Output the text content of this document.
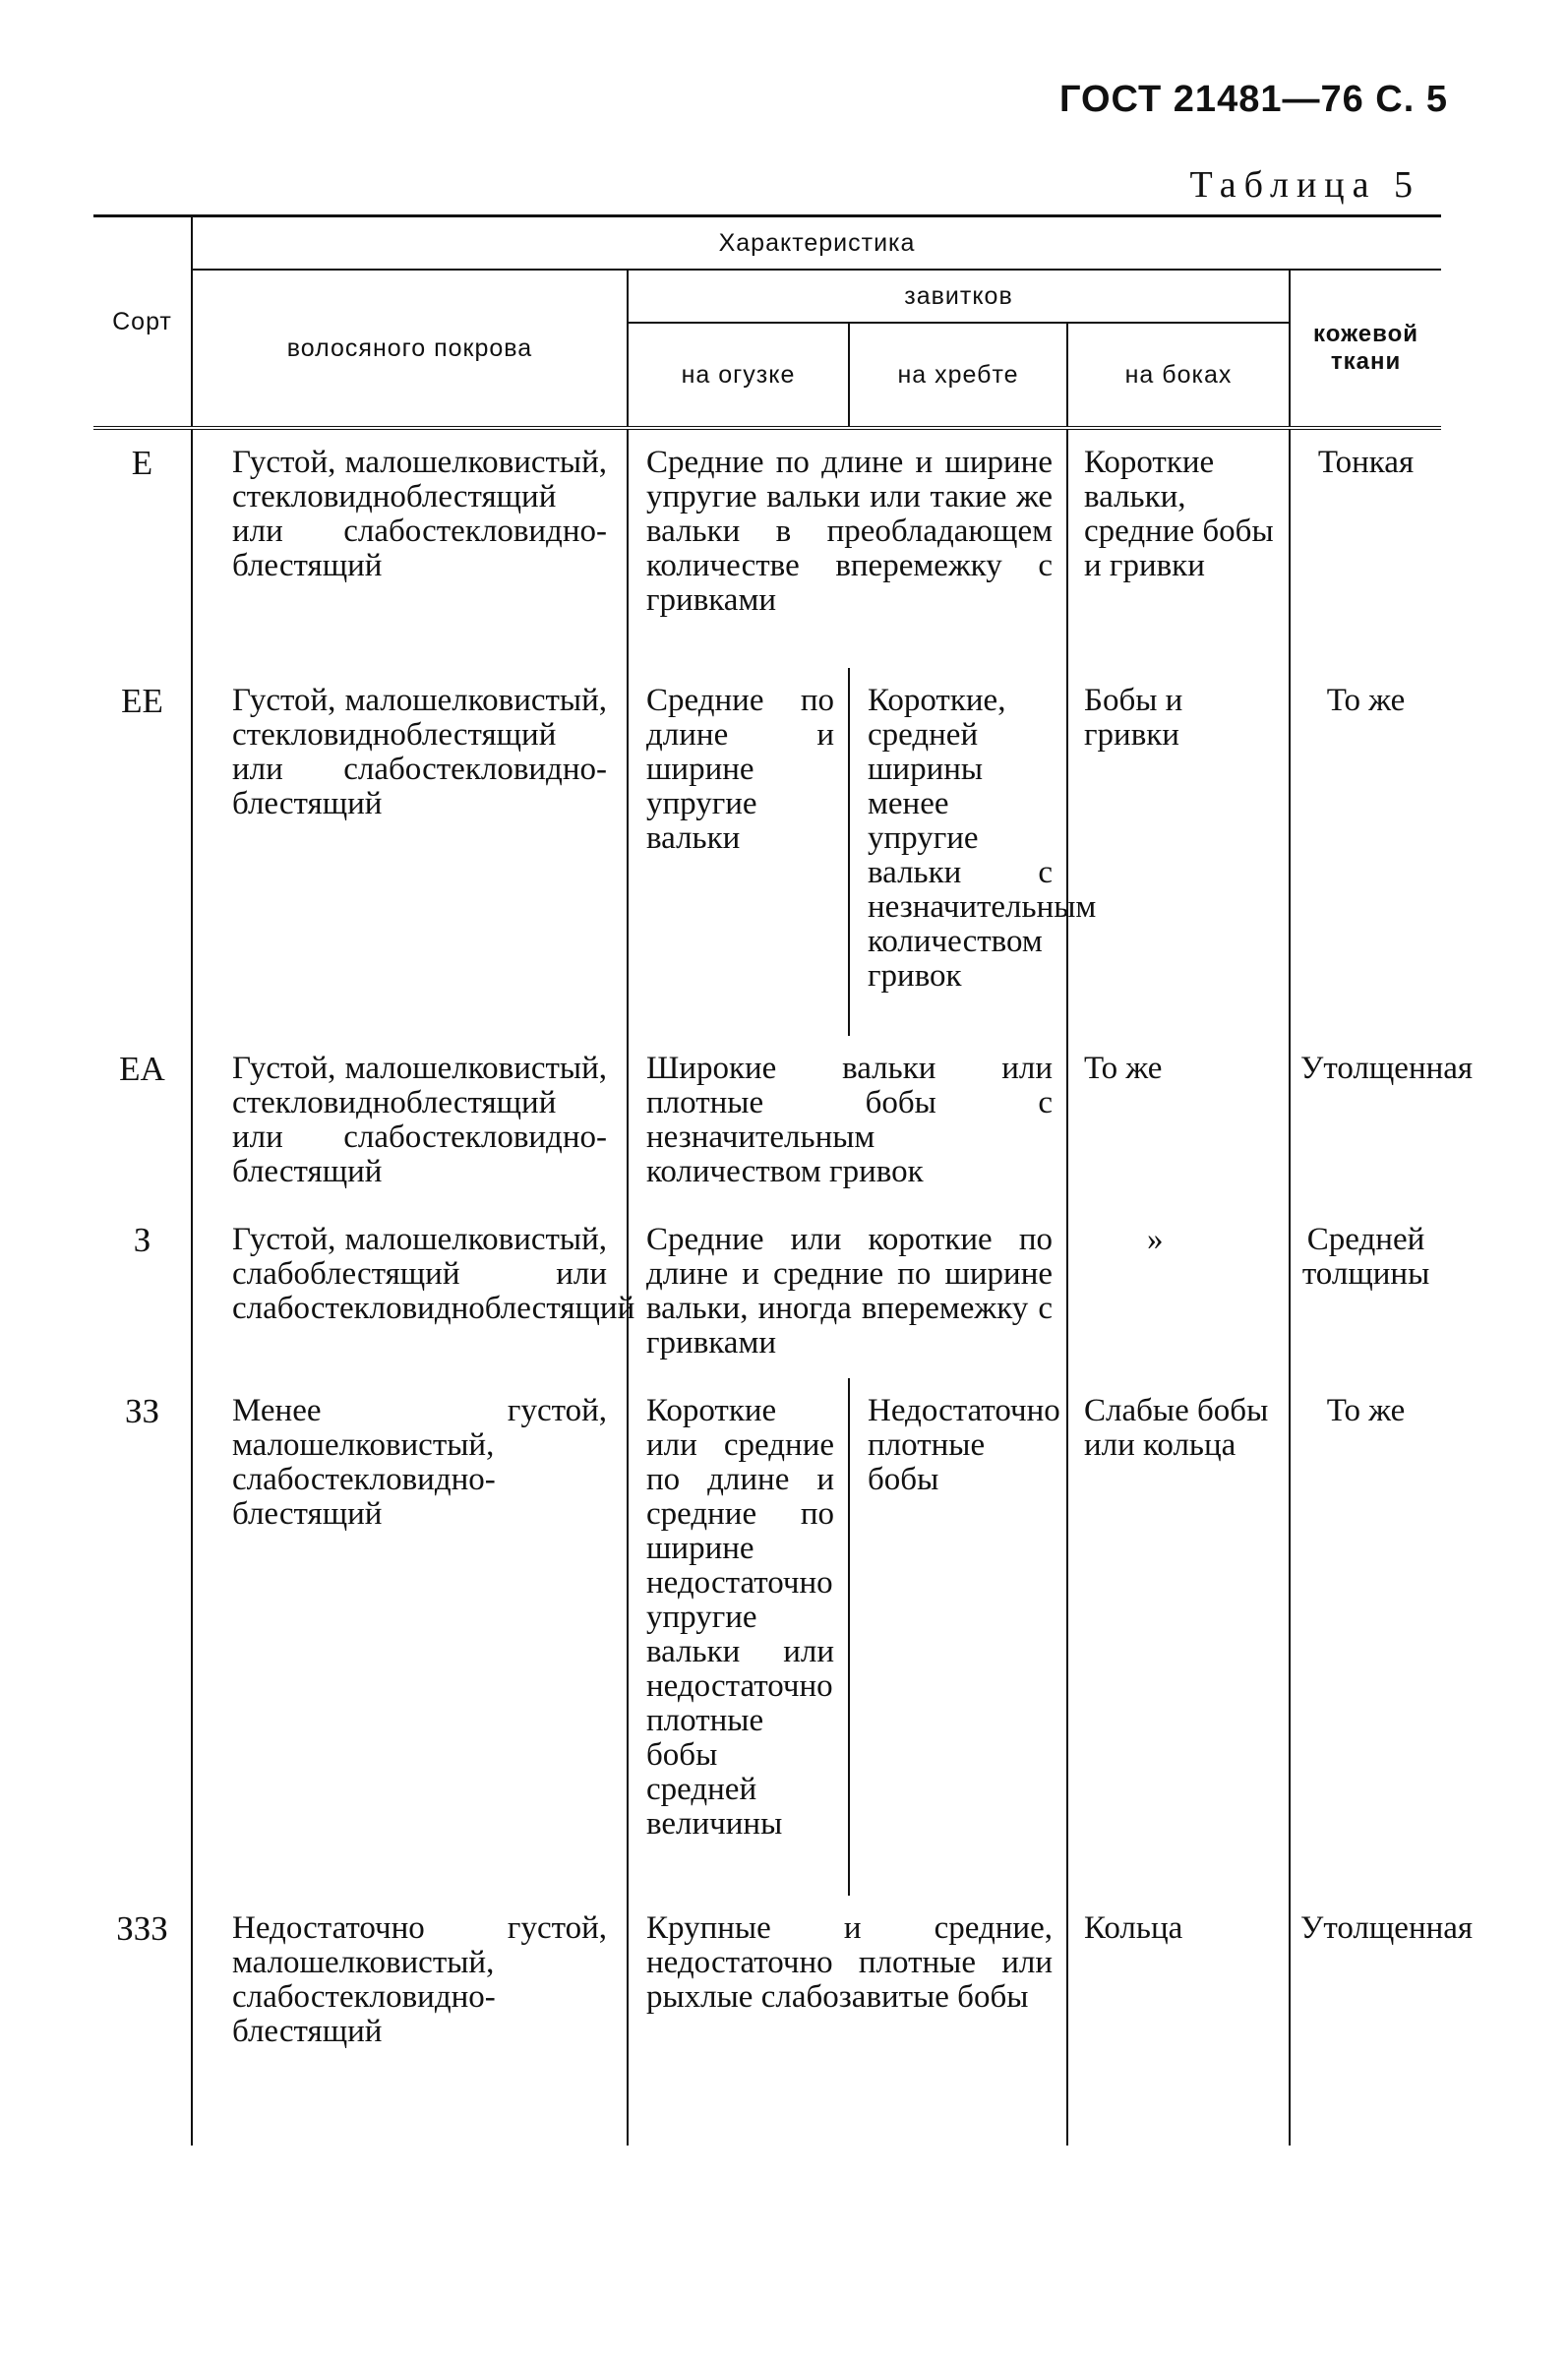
ГОСТ 21481—76 С. 5
Таблица 5
Сорт	Характеристика				
	волосяного покрова	завитков			кожевой ткани
		на огузке	на хребте	на боках	
Е	Густой, малошелковистый, стекловидноблестящий или слабостекловидно-блестящий	Средние по длине и ширине упругие вальки или такие же вальки в преобладающем количестве вперемежку с гривками		Короткие вальки, средние бобы и гривки	Тонкая
ЕЕ	Густой, малошелковистый, стекловидноблестящий или слабостекловидно-блестящий	Средние по длине и ширине упругие вальки	Короткие, средней ширины менее упругие вальки с незначительным количеством гривок	Бобы и гривки	То же
ЕА	Густой, малошелковистый, стекловидноблестящий или слабостекловидно-блестящий	Широкие вальки или плотные бобы с незначительным количеством гривок		То же	Утолщенная
З	Густой, малошелковистый, слабоблестящий или слабостекловидноблестящий	Средние или короткие по длине и средние по ширине вальки, иногда вперемежку с гривками		»	Средней толщины
ЗЗ	Менее густой, малошелковистый, слабостекловидно-блестящий	Короткие или средние по длине и средние по ширине недостаточно упругие вальки или недостаточно плотные бобы средней величины	Недостаточно плотные бобы	Слабые бобы или кольца	То же
ЗЗЗ	Недостаточно густой, малошелковистый, слабостекловидно-блестящий	Крупные и средние, недостаточно плотные или рыхлые слабозавитые бобы		Кольца	Утолщенная
